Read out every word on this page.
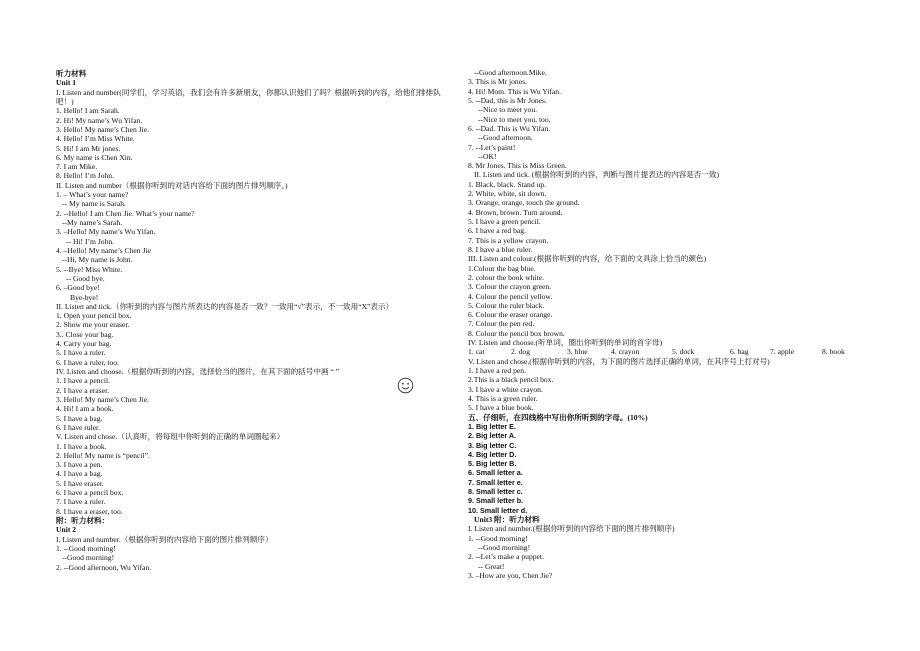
听力材料
Unit 1
I. Listen and number(同学们，学习英语，我们会有许多新朋友，你都认识他们了吗？根据听到的内容，给他们排排队吧！)
1. Hello! I am Sarah.
2. Hi! My name’s Wu Yifan.
3. Hello! My name’s Chen Jie.
4. Hello! I’m Miss White.
5. Hi! I am Mr jones.
6. My name is Chen Xin.
7. I am Mike.
8. Hello! I’m John.
II. Listen and number（根据你听到的对话内容给下面的图片排列顺序。)
1. – What’s your name?
-- My name is Sarah.
2. --Hello! I am Chen Jie. What’s your name?
--My name’s Sarah.
3. –Hello! My name’s Wu Yifan.
-- Hi! I’m John.
4. –Hello! My name’s Chen Jie
--Hi, My name is John.
5. --Bye! Miss White.
-- Good bye.
6. –Good bye!
Bye-bye!
II. Listen and tick.（你听到的内容与图片所表达的内容是否一致？一致用“√”表示，不一致用“X”表示）
1. Open your pencil box.
2. Show me your eraser.
3.. Close your bag.
4. Carry your bag.
5. I have a ruler.
6. I have a ruler, too.
IV. Listen and choose.（根据你听到的内容，选择恰当的图片，在其下面的括号中画 “ ”
1. I have a pencil.
2. I have a eraser.
3. Hello! My name’s Chen Jie.
4. Hi! I am a book.
5. I have a bag.
6. I have ruler.
V. Listen and chose.（认真听，将每组中你听到的正确的单词圈起来）
1. I have a book.
2. Hello! My name is “pencil”.
3. I have a pen.
4. I have a bag.
5. I have eraser.
6. I have a pencil box.
7. I have a ruler.
8. I have a eraser, too.
附：听力材料：
Unit 2
I. Listen and number.（根据你听到的内容给下面的图片排列顺序）
1. --Good morning!
--Good morning!
2. --Good afternoon, Wu Yifan.
--Good afternoon.Mike.
3. This is Mr jones.
4. Hi! Mom. This is Wu Yifan.
5. --Dad, this is Mr Jones.
--Nice to meet you.
--Nice to meet you, too.
6. --Dad. This is Wu Yifan.
--Good afternoon.
7. --Let’s paint!
--OK!
8. Mr Jones. This is Miss Green.
II. Listen and tick. (根据你听到的内容，判断与图片提表达的内容是否一致)
1. Black, black. Stand up.
2. White, white, sit down.
3. Orange, orange, touch the ground.
4. Brown, brown. Turn around.
5. I have a green pencil.
6. I have a red bag.
7. This is a yellow crayon.
8. I have a blue ruler.
III. Listen and colour.(根据你听到的内容，给下面的文具涂上恰当的颜色)
1.Colour the bag blue.
2. colour the book white.
3. Colour the crayon green.
4. Colour the pencil yellow.
5. Colour the ruler black.
6. Colour the eraser orange.
7. Colour the pen red.
8. Colour the pencil box brown.
IV. Listen and choose.(听单词，圈出你听到的单词的首字母)
1. cat	2. dog	3. blue	4. crayon	5. dock	6. bag	7. apple	8. book
V. Listen and chose.(根据你听到的内容，为下面的图片选择正确的单词，在其序号上打对号)
1. I have a red pen.
2.This is a black pencil box.
3. I have a white crayon.
4. This is a green ruler.
5. I have a blue book.
五、仔细听，在四线格中写出你所听到的字母。(10%)
1. Big letter E.
2. Big letter A.
3. Big letter C.
4. Big letter D.
5. Big letter B.
6. Small letter a.
7. Small letter e.
8. Small letter c.
9. Small letter b.
10. Small letter d.
Unit3 附：听力材料
I. Listen and number.(根据你听到的内容给下面的图片排列顺序)
1. --Good morning!
--Good morning!
2. --Let’s make a puppet.
-- Great!
3. –How are you, Chen Jie?
